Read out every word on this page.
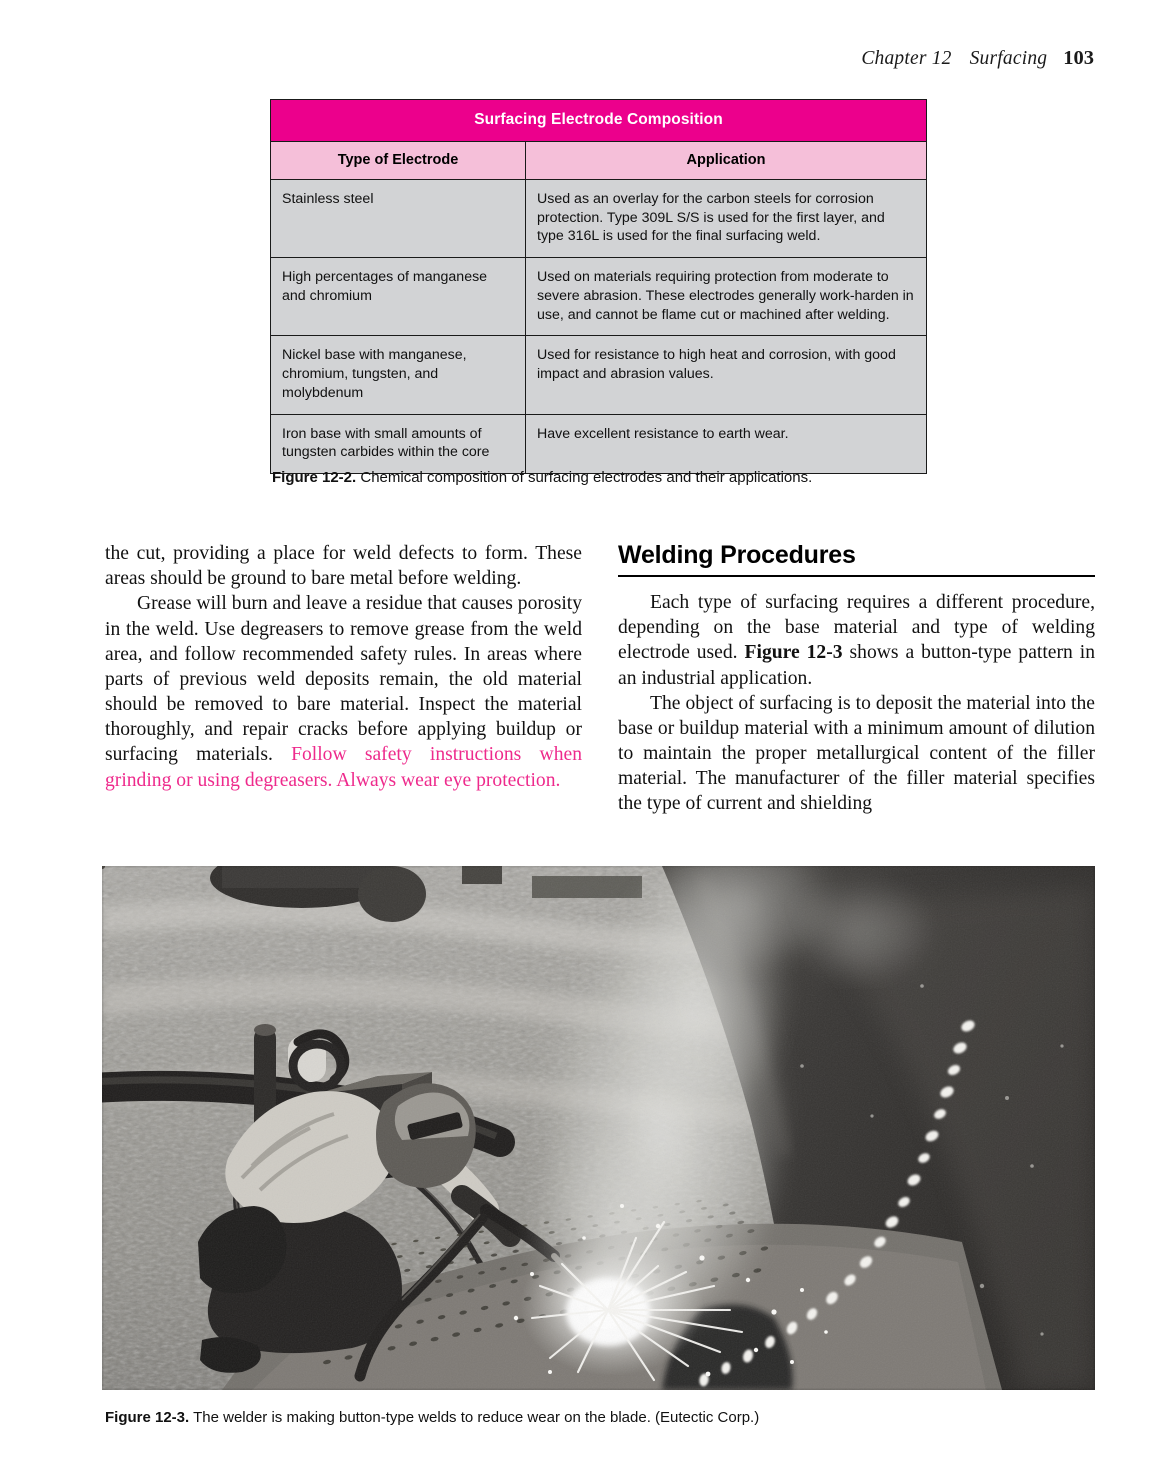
Chapter 12 Surfacing 103
Surfacing Electrode Composition	
Type of Electrode	Application
Stainless steel	Used as an overlay for the carbon steels for corrosion protection. Type 309L S/S is used for the first layer, and type 316L is used for the final surfacing weld.
High percentages of manganese and chromium	Used on materials requiring protection from moderate to severe abrasion. These electrodes generally work-harden in use, and cannot be flame cut or machined after welding.
Nickel base with manganese, chromium, tungsten, and molybdenum	Used for resistance to high heat and corrosion, with good impact and abrasion values.
Iron base with small amounts of tungsten carbides within the core	Have excellent resistance to earth wear.
Figure 12-2. Chemical composition of surfacing electrodes and their applications.

the cut, providing a place for weld defects to form. These areas should be ground to bare metal before welding.

Grease will burn and leave a residue that causes porosity in the weld. Use degreasers to remove grease from the weld area, and follow recommended safety rules. In areas where parts of previous weld deposits remain, the old material should be removed to bare material. Inspect the material thoroughly, and repair cracks before applying buildup or surfacing materials. Follow safety instructions when grinding or using degreasers. Always wear eye protection.

Welding Procedures

Each type of surfacing requires a different procedure, depending on the base material and type of welding electrode used. Figure 12-3 shows a button-type pattern in an industrial application.

The object of surfacing is to deposit the material into the base or buildup material with a minimum amount of dilution to maintain the proper metallurgical content of the filler material. The manufacturer of the filler material specifies the type of current and shielding

Figure 12-3. The welder is making button-type welds to reduce wear on the blade. (Eutectic Corp.)
